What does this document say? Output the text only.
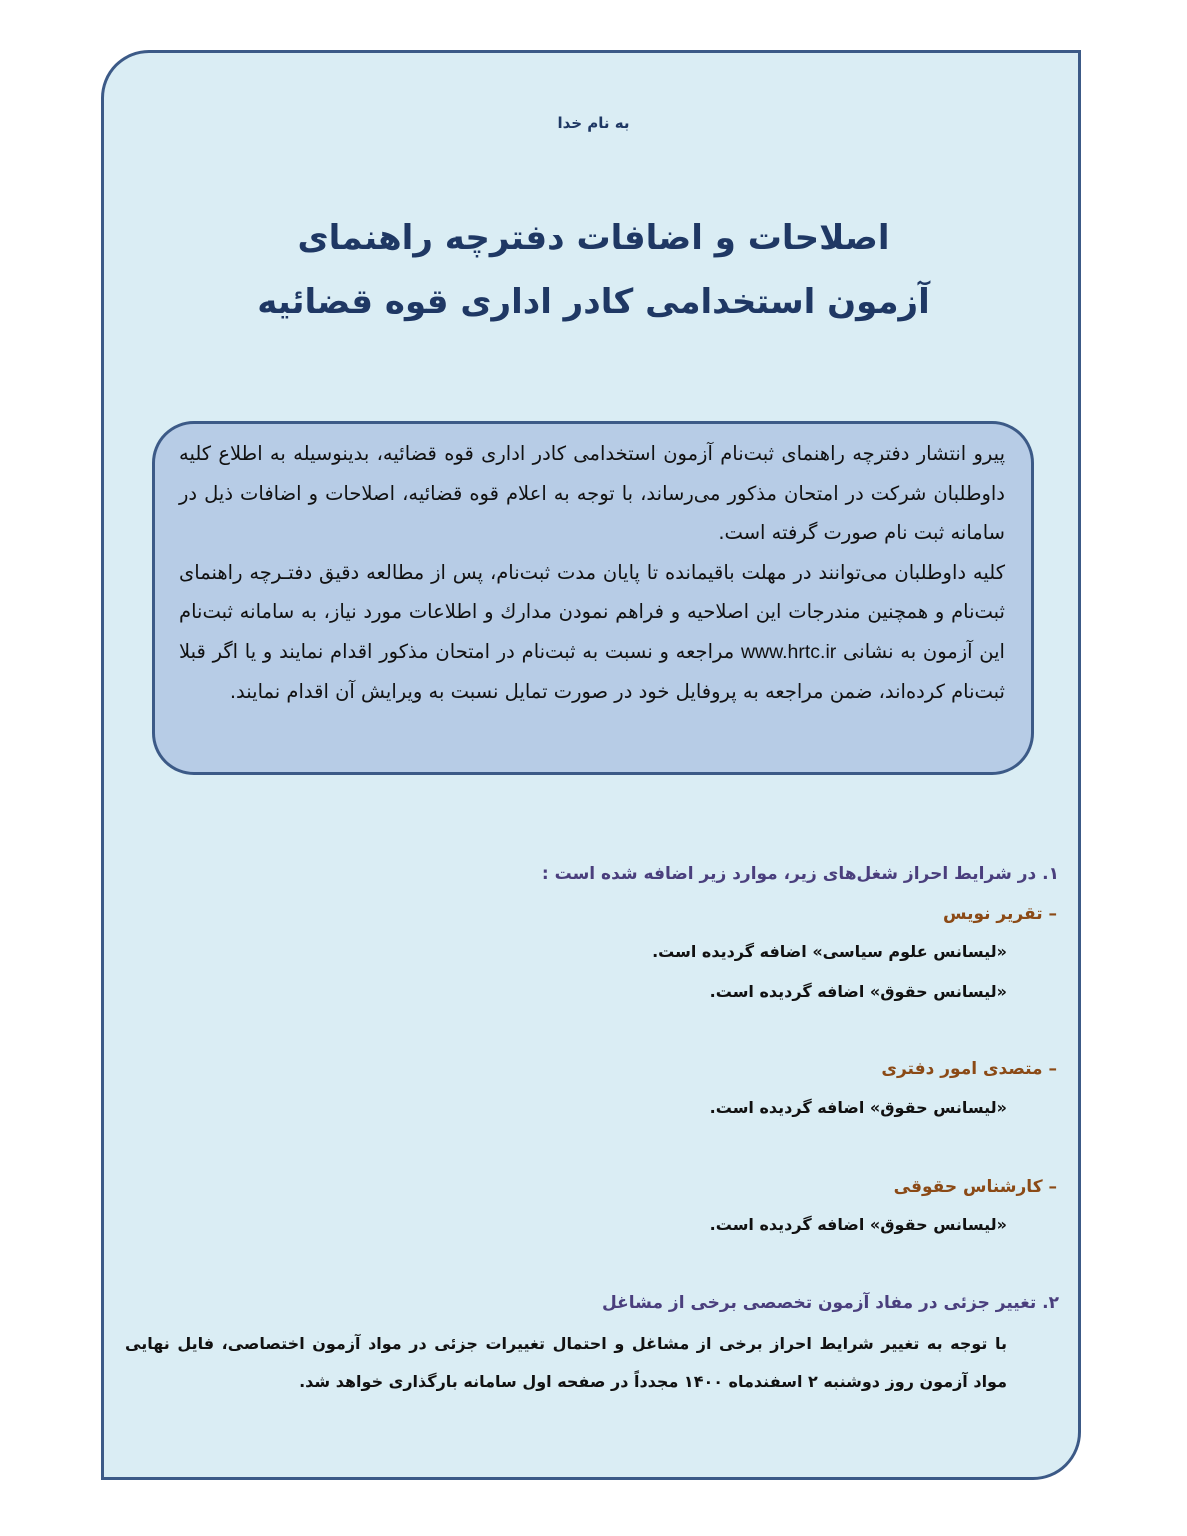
به نام خدا
اصلاحات و اضافات دفترچه راهنمای
آزمون استخدامی کادر اداری قوه قضائیه

پیرو انتشار دفترچه راهنمای ثبت‌نام آزمون استخدامی کادر اداری قوه قضائیه، بدینوسیله به اطلاع کلیه داوطلبان شرکت در امتحان مذکور می‌رساند، با توجه به اعلام قوه قضائیه، اصلاحات و اضافات ذیل در سامانه ثبت نام صورت گرفته است.
کلیه داوطلبان می‌توانند در مهلت باقیمانده تا پایان مدت ثبت‌نام، پس از مطالعه دقیق دفتـرچه راهنمای ثبت‌نام و همچنین مندرجات این اصلاحیه و فراهم نمودن مدارك و اطلاعات مورد نیاز، به سامانه ثبت‌نام این آزمون به نشانی www.hrtc.ir مراجعه و نسبت به ثبت‌نام در امتحان مذکور اقدام نمایند و یا اگر قبلا ثبت‌نام کرده‌اند، ضمن مراجعه به پروفایل خود در صورت تمایل نسبت به ویرایش آن اقدام نمایند.

۱. در شرایط احراز شغل‌های زیر، موارد زیر اضافه شده است :
– تقریر نویس
«لیسانس علوم سیاسی» اضافه گردیده است.
«لیسانس حقوق» اضافه گردیده است.
– متصدی امور دفتری
«لیسانس حقوق» اضافه گردیده است.
– کارشناس حقوقی
«لیسانس حقوق» اضافه گردیده است.
۲. تغییر جزئی در مفاد آزمون تخصصی برخی از مشاغل
با توجه به تغییر شرایط احراز برخی از مشاغل و احتمال تغییرات جزئی در مواد آزمون اختصاصی، فایل نهایی مواد آزمون روز دوشنبه ۲ اسفندماه ۱۴۰۰ مجدداً در صفحه اول سامانه بارگذاری خواهد شد.
